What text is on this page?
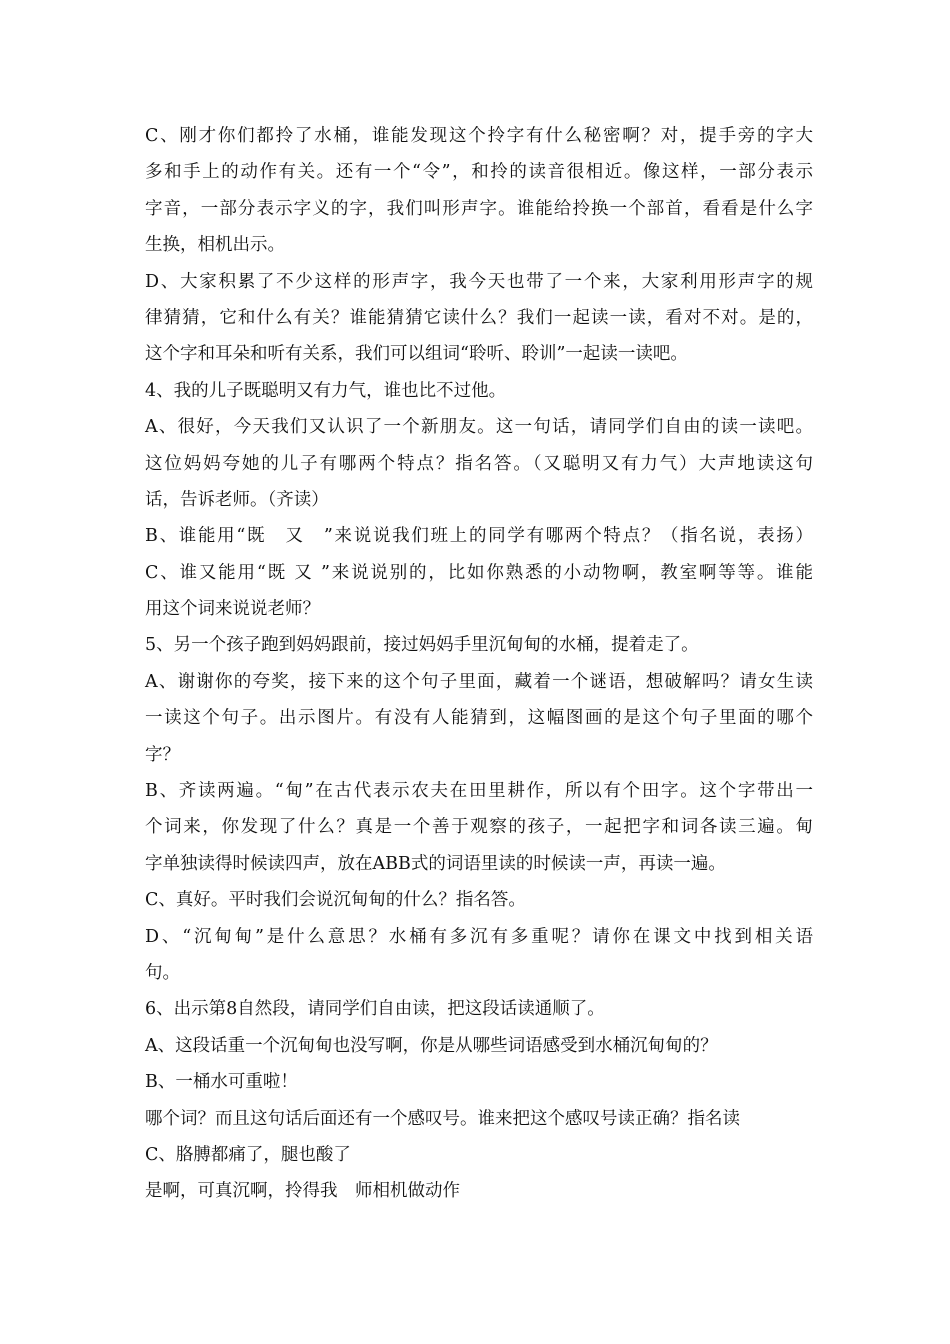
C、刚才你们都拎了水桶，谁能发现这个拎字有什么秘密啊？对，提手旁的字大
多和手上的动作有关。还有一个“令”，和拎的读音很相近。像这样，一部分表示
字音，一部分表示字义的字，我们叫形声字。谁能给拎换一个部首，看看是什么字
生换，相机出示。
D、大家积累了不少这样的形声字，我今天也带了一个来，大家利用形声字的规
律猜猜，它和什么有关？谁能猜猜它读什么？我们一起读一读，看对不对。是的，
这个字和耳朵和听有关系，我们可以组词“聆听、聆训”一起读一读吧。
4、我的儿子既聪明又有力气，谁也比不过他。
A、很好，今天我们又认识了一个新朋友。这一句话，请同学们自由的读一读吧。
这位妈妈夸她的儿子有哪两个特点？指名答。（又聪明又有力气）大声地读这句
话，告诉老师。（齐读）
B、谁能用“既　又　”来说说我们班上的同学有哪两个特点？（指名说，表扬）
C、谁又能用“既 又 ”来说说别的，比如你熟悉的小动物啊，教室啊等等。谁能
用这个词来说说老师？
5、另一个孩子跑到妈妈跟前，接过妈妈手里沉甸甸的水桶，提着走了。
A、谢谢你的夸奖，接下来的这个句子里面，藏着一个谜语，想破解吗？请女生读
一读这个句子。出示图片。有没有人能猜到，这幅图画的是这个句子里面的哪个
字？
B、齐读两遍。“甸”在古代表示农夫在田里耕作，所以有个田字。这个字带出一
个词来，你发现了什么？真是一个善于观察的孩子，一起把字和词各读三遍。甸
字单独读得时候读四声，放在ABB式的词语里读的时候读一声，再读一遍。
C、真好。平时我们会说沉甸甸的什么？指名答。
D、“沉甸甸”是什么意思？水桶有多沉有多重呢？请你在课文中找到相关语
句。
6、出示第8自然段，请同学们自由读，把这段话读通顺了。
A、这段话重一个沉甸甸也没写啊，你是从哪些词语感受到水桶沉甸甸的？
B、一桶水可重啦！
哪个词？而且这句话后面还有一个感叹号。谁来把这个感叹号读正确？指名读
C、胳膊都痛了，腿也酸了
是啊，可真沉啊，拎得我　师相机做动作
